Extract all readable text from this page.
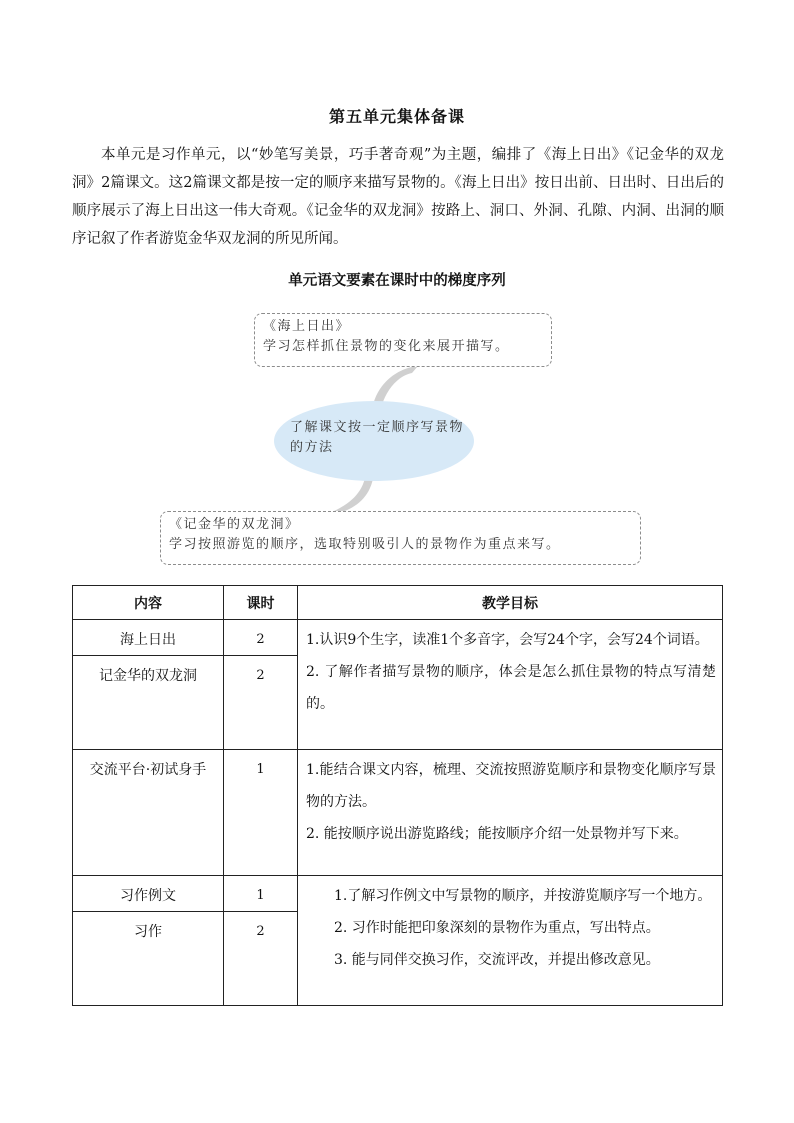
第五单元集体备课
本单元是习作单元，以“妙笔写美景，巧手著奇观”为主题，编排了《海上日出》《记金华的双龙洞》2篇课文。这2篇课文都是按一定的顺序来描写景物的。《海上日出》按日出前、日出时、日出后的顺序展示了海上日出这一伟大奇观。《记金华的双龙洞》按路上、洞口、外洞、孔隙、内洞、出洞的顺序记叙了作者游览金华双龙洞的所见所闻。
单元语文要素在课时中的梯度序列
了解课文按一定顺序写景物的方法
《海上日出》
学习怎样抓住景物的变化来展开描写。
《记金华的双龙洞》
学习按照游览的顺序，选取特别吸引人的景物作为重点来写。
内容	课时	教学目标
海上日出	2	1.认识9个生字，读准1个多音字，会写24个字，会写24个词语。

2. 了解作者描写景物的顺序，体会是怎么抓住景物的特点写清楚的。

记金华的双龙洞	2	
交流平台·初试身手	1	1.能结合课文内容，梳理、交流按照游览顺序和景物变化顺序写景物的方法。

2. 能按顺序说出游览路线；能按顺序介绍一处景物并写下来。

习作例文	1	1.了解习作例文中写景物的顺序，并按游览顺序写一个地方。

2. 习作时能把印象深刻的景物作为重点，写出特点。

3. 能与同伴交换习作，交流评改，并提出修改意见。

习作	2	
